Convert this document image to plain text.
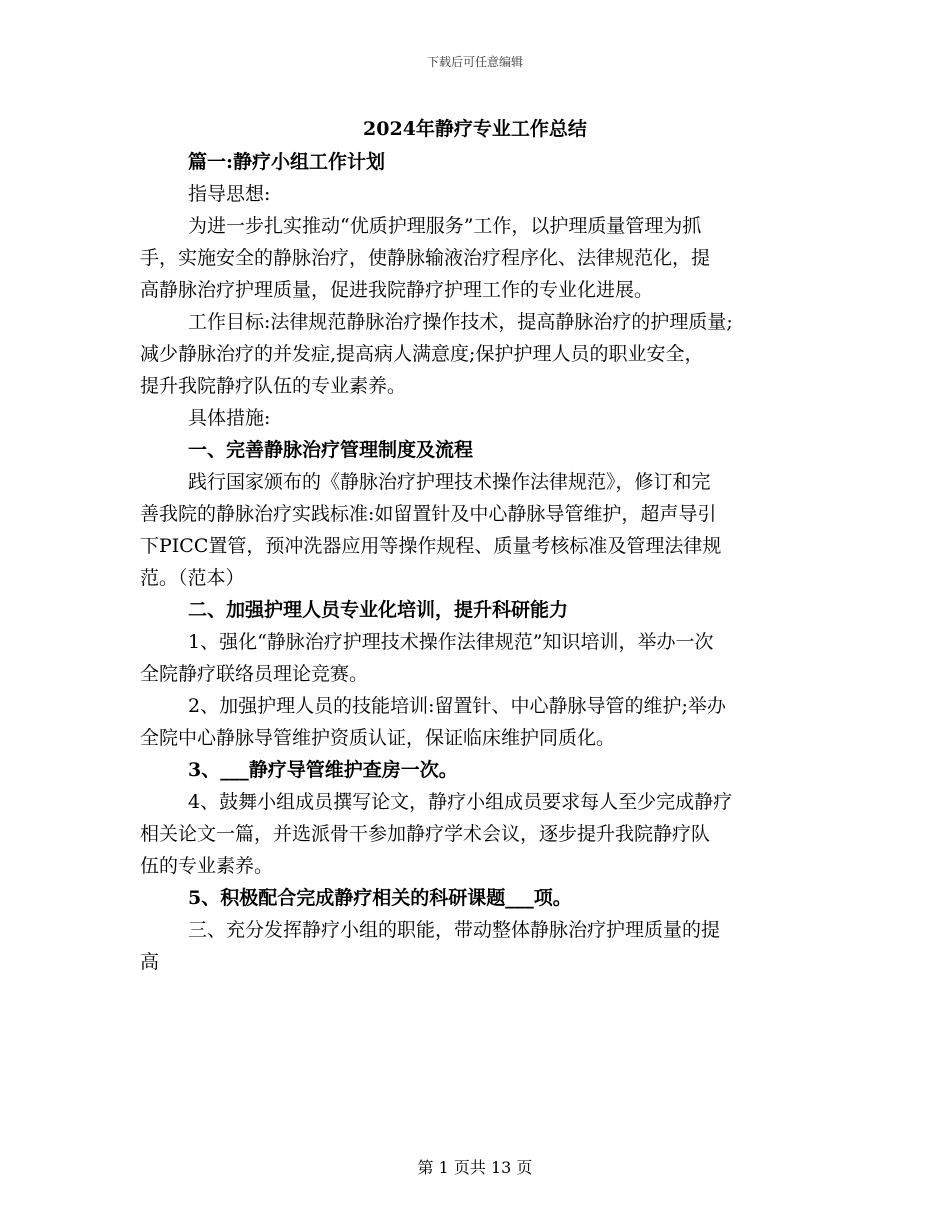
下载后可任意编辑
2024年静疗专业工作总结

篇一:静疗小组工作计划

指导思想:

为进一步扎实推动“优质护理服务”工作，以护理质量管理为抓
手，实施安全的静脉治疗，使静脉输液治疗程序化、法律规范化，提
高静脉治疗护理质量，促进我院静疗护理工作的专业化进展。

工作目标:法律规范静脉治疗操作技术，提高静脉治疗的护理质量;
减少静脉治疗的并发症,提高病人满意度;保护护理人员的职业安全，
提升我院静疗队伍的专业素养。

具体措施:

一、完善静脉治疗管理制度及流程

践行国家颁布的《静脉治疗护理技术操作法律规范》，修订和完
善我院的静脉治疗实践标准:如留置针及中心静脉导管维护，超声导引
下PICC置管，预冲洗器应用等操作规程、质量考核标准及管理法律规
范。（范本）

二、加强护理人员专业化培训，提升科研能力

1、强化“静脉治疗护理技术操作法律规范”知识培训，举办一次
全院静疗联络员理论竞赛。

2、加强护理人员的技能培训:留置针、中心静脉导管的维护;举办
全院中心静脉导管维护资质认证，保证临床维护同质化。

3、___静疗导管维护查房一次。

4、鼓舞小组成员撰写论文，静疗小组成员要求每人至少完成静疗
相关论文一篇，并选派骨干参加静疗学术会议，逐步提升我院静疗队
伍的专业素养。

5、积极配合完成静疗相关的科研课题___项。

三、充分发挥静疗小组的职能，带动整体静脉治疗护理质量的提
高

第 1 页共 13 页
